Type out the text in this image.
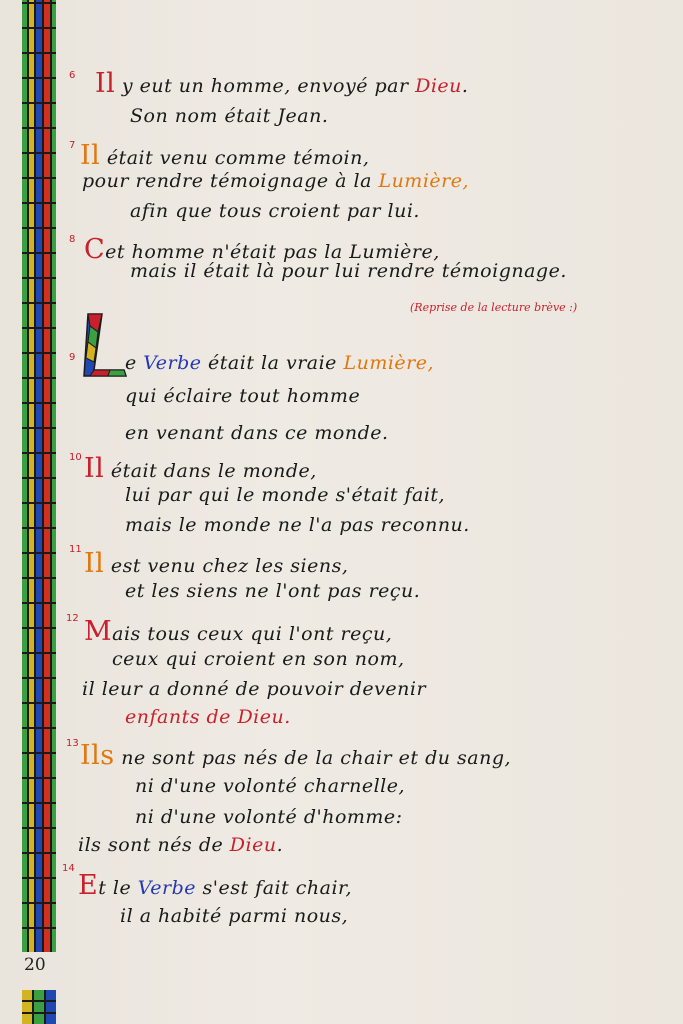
20
(Reprise de la lecture brève :)
6 Il y eut un homme, envoyé par Dieu.
Son nom était Jean.
7 Il était venu comme témoin,
pour rendre témoignage à la Lumière,
afin que tous croient par lui.
8 Cet homme n'était pas la Lumière,
mais il était là pour lui rendre témoignage.
9	e Verbe était la vraie Lumière,
qui éclaire tout homme
en venant dans ce monde.
10 Il était dans le monde,
lui par qui le monde s'était fait,
mais le monde ne l'a pas reconnu.
11 Il est venu chez les siens,
et les siens ne l'ont pas reçu.
12 Mais tous ceux qui l'ont reçu,
ceux qui croient en son nom,
il leur a donné de pouvoir devenir
enfants de Dieu.
13 Ils ne sont pas nés de la chair et du sang,
ni d'une volonté charnelle,
ni d'une volonté d'homme:
ils sont nés de Dieu.
14
Et le Verbe s'est fait chair,
il a habité parmi nous,
